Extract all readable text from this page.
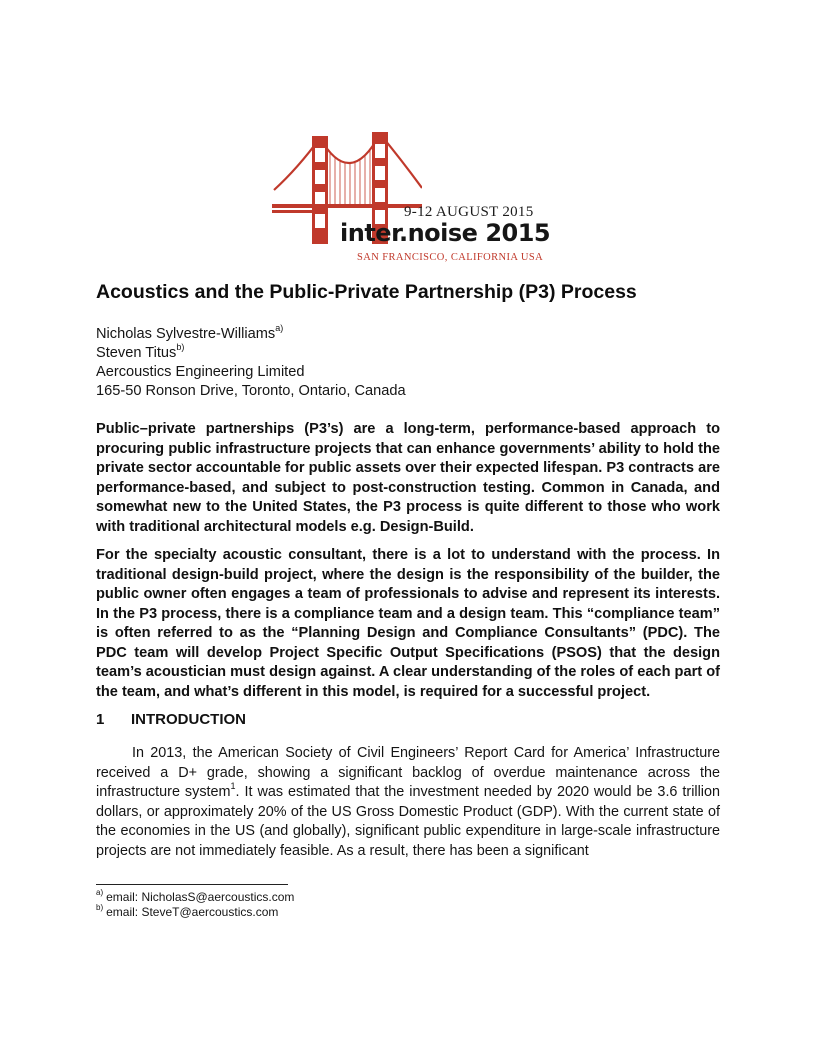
9-12 AUGUST 2015
inter.noise 2015
SAN FRANCISCO, CALIFORNIA USA
Acoustics and the Public-Private Partnership (P3) Process
Nicholas Sylvestre-Williams$^{a)}$
Steven Titus$^{b)}$
Aercoustics Engineering Limited
165-50 Ronson Drive, Toronto, Ontario, Canada

Public–private partnerships (P3’s) are a long-term, performance-based approach to procuring public infrastructure projects that can enhance governments’ ability to hold the private sector accountable for public assets over their expected lifespan. P3 contracts are performance-based, and subject to post-construction testing. Common in Canada, and somewhat new to the United States, the P3 process is quite different to those who work with traditional architectural models e.g. Design-Build.

For the specialty acoustic consultant, there is a lot to understand with the process. In traditional design-build project, where the design is the responsibility of the builder, the public owner often engages a team of professionals to advise and represent its interests. In the P3 process, there is a compliance team and a design team. This “compliance team” is often referred to as the “Planning Design and Compliance Consultants” (PDC). The PDC team will develop Project Specific Output Specifications (PSOS) that the design team’s acoustician must design against. A clear understanding of the roles of each part of the team, and what’s different in this model, is required for a successful project.

1 INTRODUCTION

In 2013, the American Society of Civil Engineers’ Report Card for America’ Infrastructure received a D+ grade, showing a significant backlog of overdue maintenance across the infrastructure system$^1$. It was estimated that the investment needed by 2020 would be 3.6 trillion dollars, or approximately 20% of the US Gross Domestic Product (GDP). With the current state of the economies in the US (and globally), significant public expenditure in large-scale infrastructure projects are not immediately feasible. As a result, there has been a significant

$^{a)}$ email: NicholasS@aercoustics.com
$^{b)}$ email: SteveT@aercoustics.com
